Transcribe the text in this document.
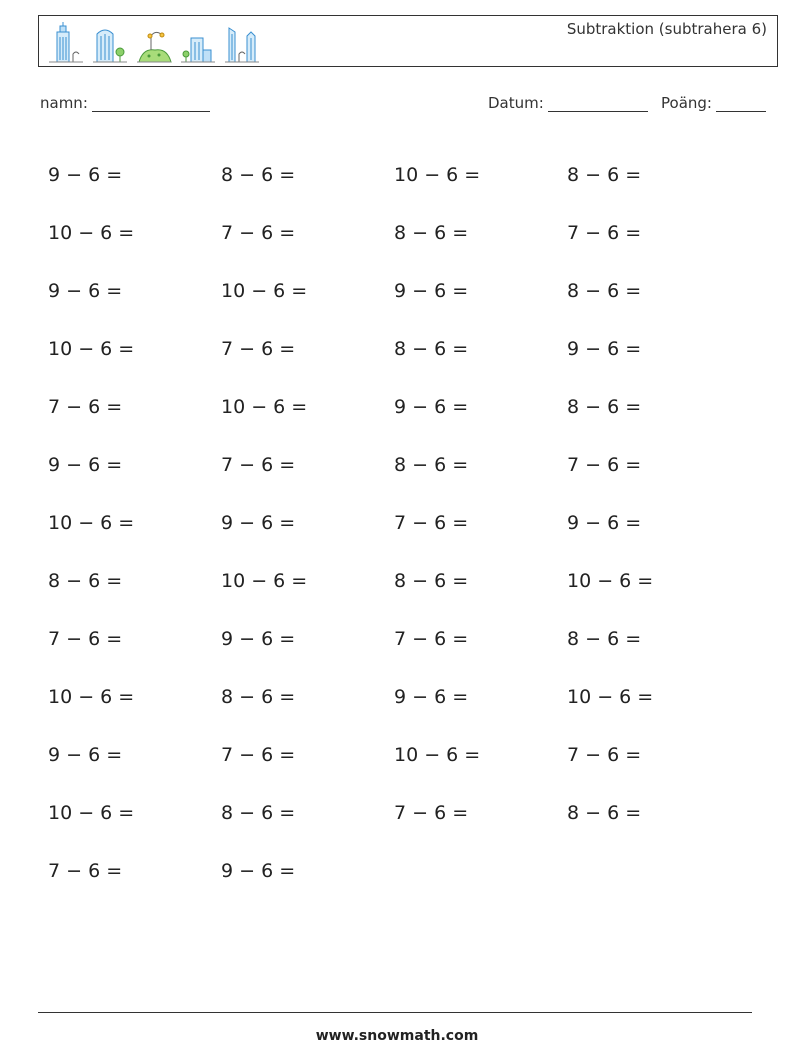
Subtraktion (subtrahera 6)
namn:	Datum:	Poäng:
9 − 6 =	8 − 6 =	10 − 6 =	8 − 6 =
10 − 6 =	7 − 6 =	8 − 6 =	7 − 6 =
9 − 6 =	10 − 6 =	9 − 6 =	8 − 6 =
10 − 6 =	7 − 6 =	8 − 6 =	9 − 6 =
7 − 6 =	10 − 6 =	9 − 6 =	8 − 6 =
9 − 6 =	7 − 6 =	8 − 6 =	7 − 6 =
10 − 6 =	9 − 6 =	7 − 6 =	9 − 6 =
8 − 6 =	10 − 6 =	8 − 6 =	10 − 6 =
7 − 6 =	9 − 6 =	7 − 6 =	8 − 6 =
10 − 6 =	8 − 6 =	9 − 6 =	10 − 6 =
9 − 6 =	7 − 6 =	10 − 6 =	7 − 6 =
10 − 6 =	8 − 6 =	7 − 6 =	8 − 6 =
7 − 6 =	9 − 6 =
www.snowmath.com
